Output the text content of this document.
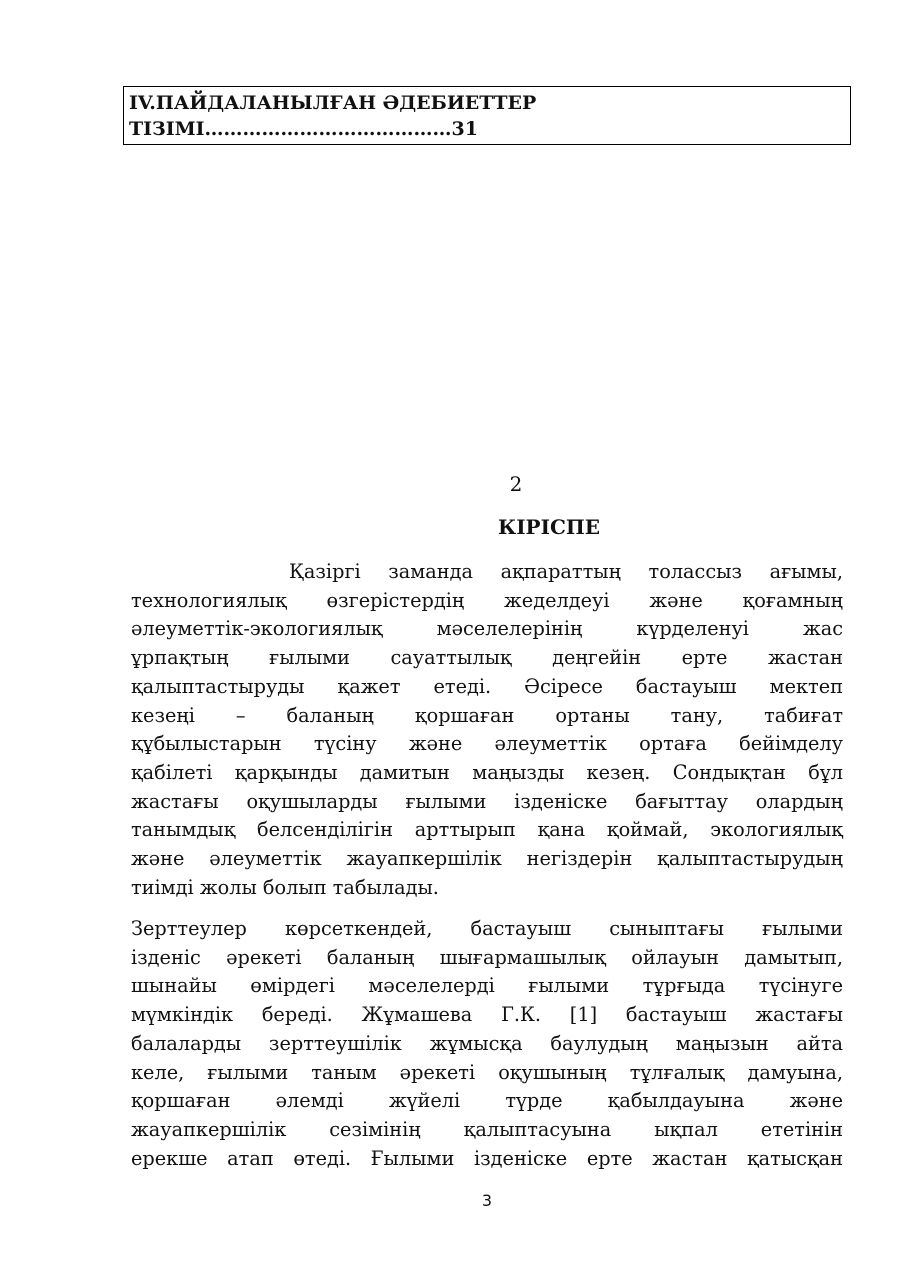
IV.ПАЙДАЛАНЫЛҒАН ӘДЕБИЕТТЕР
ТІЗІМІ…………………………………31
2
КІРІСПЕ
Қазіргі заманда ақпараттың толассыз ағымы,
технологиялық өзгерістердің жеделдеуі және қоғамның
әлеуметтік-экологиялық мәселелерінің күрделенуі жас
ұрпақтың ғылыми сауаттылық деңгейін ерте жастан
қалыптастыруды қажет етеді. Әсіресе бастауыш мектеп
кезеңі – баланың қоршаған ортаны тану, табиғат
құбылыстарын түсіну және әлеуметтік ортаға бейімделу
қабілеті қарқынды дамитын маңызды кезең. Сондықтан бұл
жастағы оқушыларды ғылыми ізденіске бағыттау олардың
танымдық белсенділігін арттырып қана қоймай, экологиялық
және әлеуметтік жауапкершілік негіздерін қалыптастырудың
тиімді жолы болып табылады.
Зерттеулер көрсеткендей, бастауыш сыныптағы ғылыми
ізденіс әрекеті баланың шығармашылық ойлауын дамытып,
шынайы өмірдегі мәселелерді ғылыми тұрғыда түсінуге
мүмкіндік береді. Жұмашева Г.К. [1] бастауыш жастағы
балаларды зерттеушілік жұмысқа баулудың маңызын айта
келе, ғылыми таным әрекеті оқушының тұлғалық дамуына,
қоршаған әлемді жүйелі түрде қабылдауына және
жауапкершілік сезімінің қалыптасуына ықпал ететінін
ерекше атап өтеді. Ғылыми ізденіске ерте жастан қатысқан
3
